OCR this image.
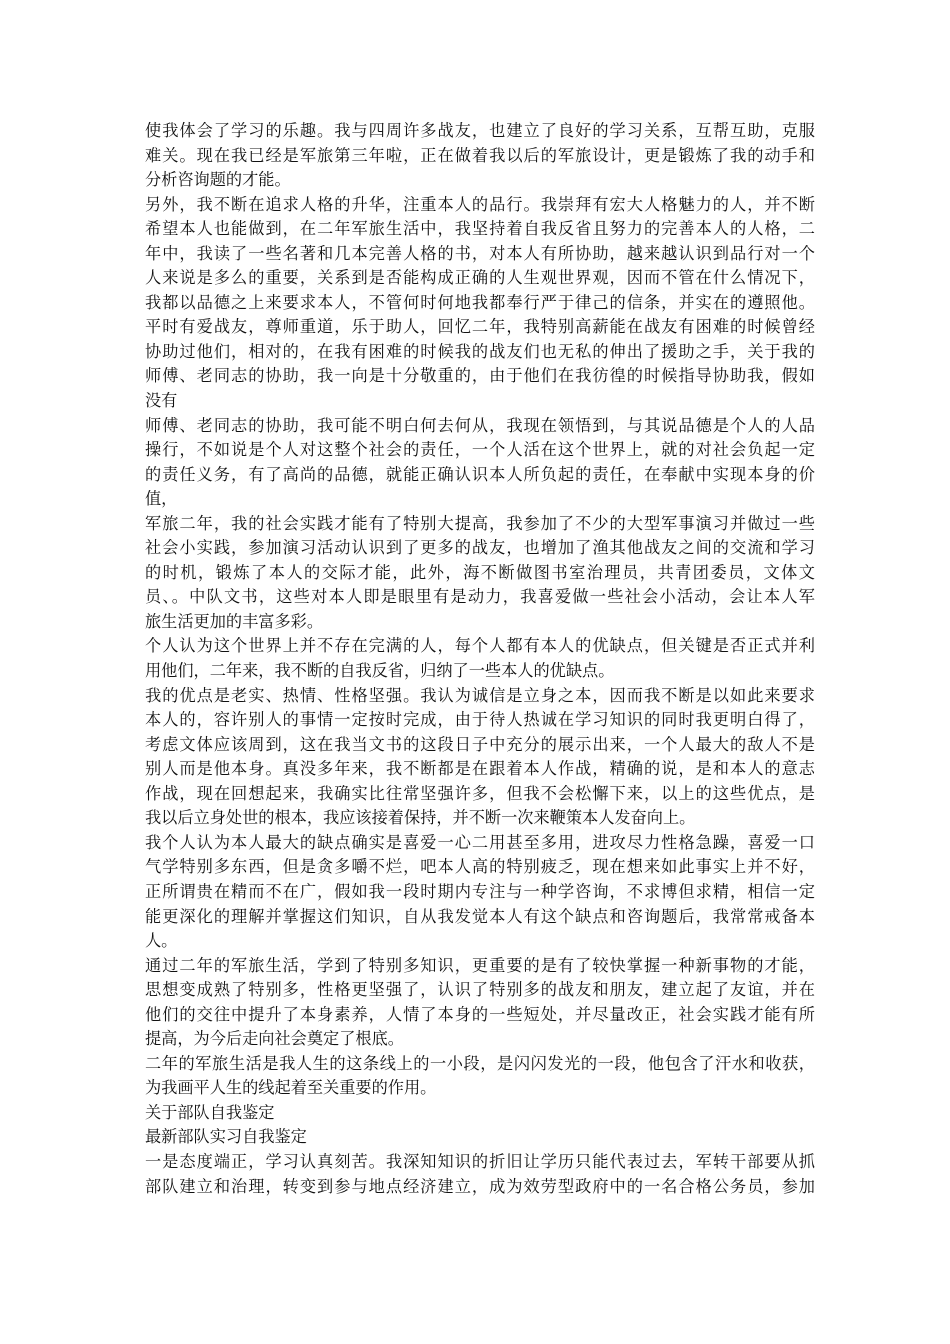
使我体会了学习的乐趣。我与四周许多战友，也建立了良好的学习关系，互帮互助，克服
难关。现在我已经是军旅第三年啦，正在做着我以后的军旅设计，更是锻炼了我的动手和
分析咨询题的才能。
另外，我不断在追求人格的升华，注重本人的品行。我崇拜有宏大人格魅力的人，并不断
希望本人也能做到，在二年军旅生活中，我坚持着自我反省且努力的完善本人的人格，二
年中，我读了一些名著和几本完善人格的书，对本人有所协助，越来越认识到品行对一个
人来说是多么的重要，关系到是否能构成正确的人生观世界观，因而不管在什么情况下，
我都以品德之上来要求本人，不管何时何地我都奉行严于律己的信条，并实在的遵照他。
平时有爱战友，尊师重道，乐于助人，回忆二年，我特别高薪能在战友有困难的时候曾经
协助过他们，相对的，在我有困难的时候我的战友们也无私的伸出了援助之手，关于我的
师傅、老同志的协助，我一向是十分敬重的，由于他们在我彷徨的时候指导协助我，假如
没有
师傅、老同志的协助，我可能不明白何去何从，我现在领悟到，与其说品德是个人的人品
操行，不如说是个人对这整个社会的责任，一个人活在这个世界上，就的对社会负起一定
的责任义务，有了高尚的品德，就能正确认识本人所负起的责任，在奉献中实现本身的价
值，
军旅二年，我的社会实践才能有了特别大提高，我参加了不少的大型军事演习并做过一些
社会小实践，参加演习活动认识到了更多的战友，也增加了渔其他战友之间的交流和学习
的时机，锻炼了本人的交际才能，此外，海不断做图书室治理员，共青团委员，文体文
员、。中队文书，这些对本人即是眼里有是动力，我喜爱做一些社会小活动，会让本人军
旅生活更加的丰富多彩。
个人认为这个世界上并不存在完满的人，每个人都有本人的优缺点，但关键是否正式并利
用他们，二年来，我不断的自我反省，归纳了一些本人的优缺点。
我的优点是老实、热情、性格坚强。我认为诚信是立身之本，因而我不断是以如此来要求
本人的，容许别人的事情一定按时完成，由于待人热诚在学习知识的同时我更明白得了，
考虑文体应该周到，这在我当文书的这段日子中充分的展示出来，一个人最大的敌人不是
别人而是他本身。真没多年来，我不断都是在跟着本人作战，精确的说，是和本人的意志
作战，现在回想起来，我确实比往常坚强许多，但我不会松懈下来，以上的这些优点，是
我以后立身处世的根本，我应该接着保持，并不断一次来鞭策本人发奋向上。
我个人认为本人最大的缺点确实是喜爱一心二用甚至多用，进攻尽力性格急躁，喜爱一口
气学特别多东西，但是贪多嚼不烂，吧本人高的特别疲乏，现在想来如此事实上并不好，
正所谓贵在精而不在广，假如我一段时期内专注与一种学咨询，不求博但求精，相信一定
能更深化的理解并掌握这们知识，自从我发觉本人有这个缺点和咨询题后，我常常戒备本
人。
通过二年的军旅生活，学到了特别多知识，更重要的是有了较快掌握一种新事物的才能，
思想变成熟了特别多，性格更坚强了，认识了特别多的战友和朋友，建立起了友谊，并在
他们的交往中提升了本身素养，人情了本身的一些短处，并尽量改正，社会实践才能有所
提高，为今后走向社会奠定了根底。
二年的军旅生活是我人生的这条线上的一小段，是闪闪发光的一段，他包含了汗水和收获，
为我画平人生的线起着至关重要的作用。
关于部队自我鉴定
最新部队实习自我鉴定
一是态度端正，学习认真刻苦。我深知知识的折旧让学历只能代表过去，军转干部要从抓
部队建立和治理，转变到参与地点经济建立，成为效劳型政府中的一名合格公务员，参加
